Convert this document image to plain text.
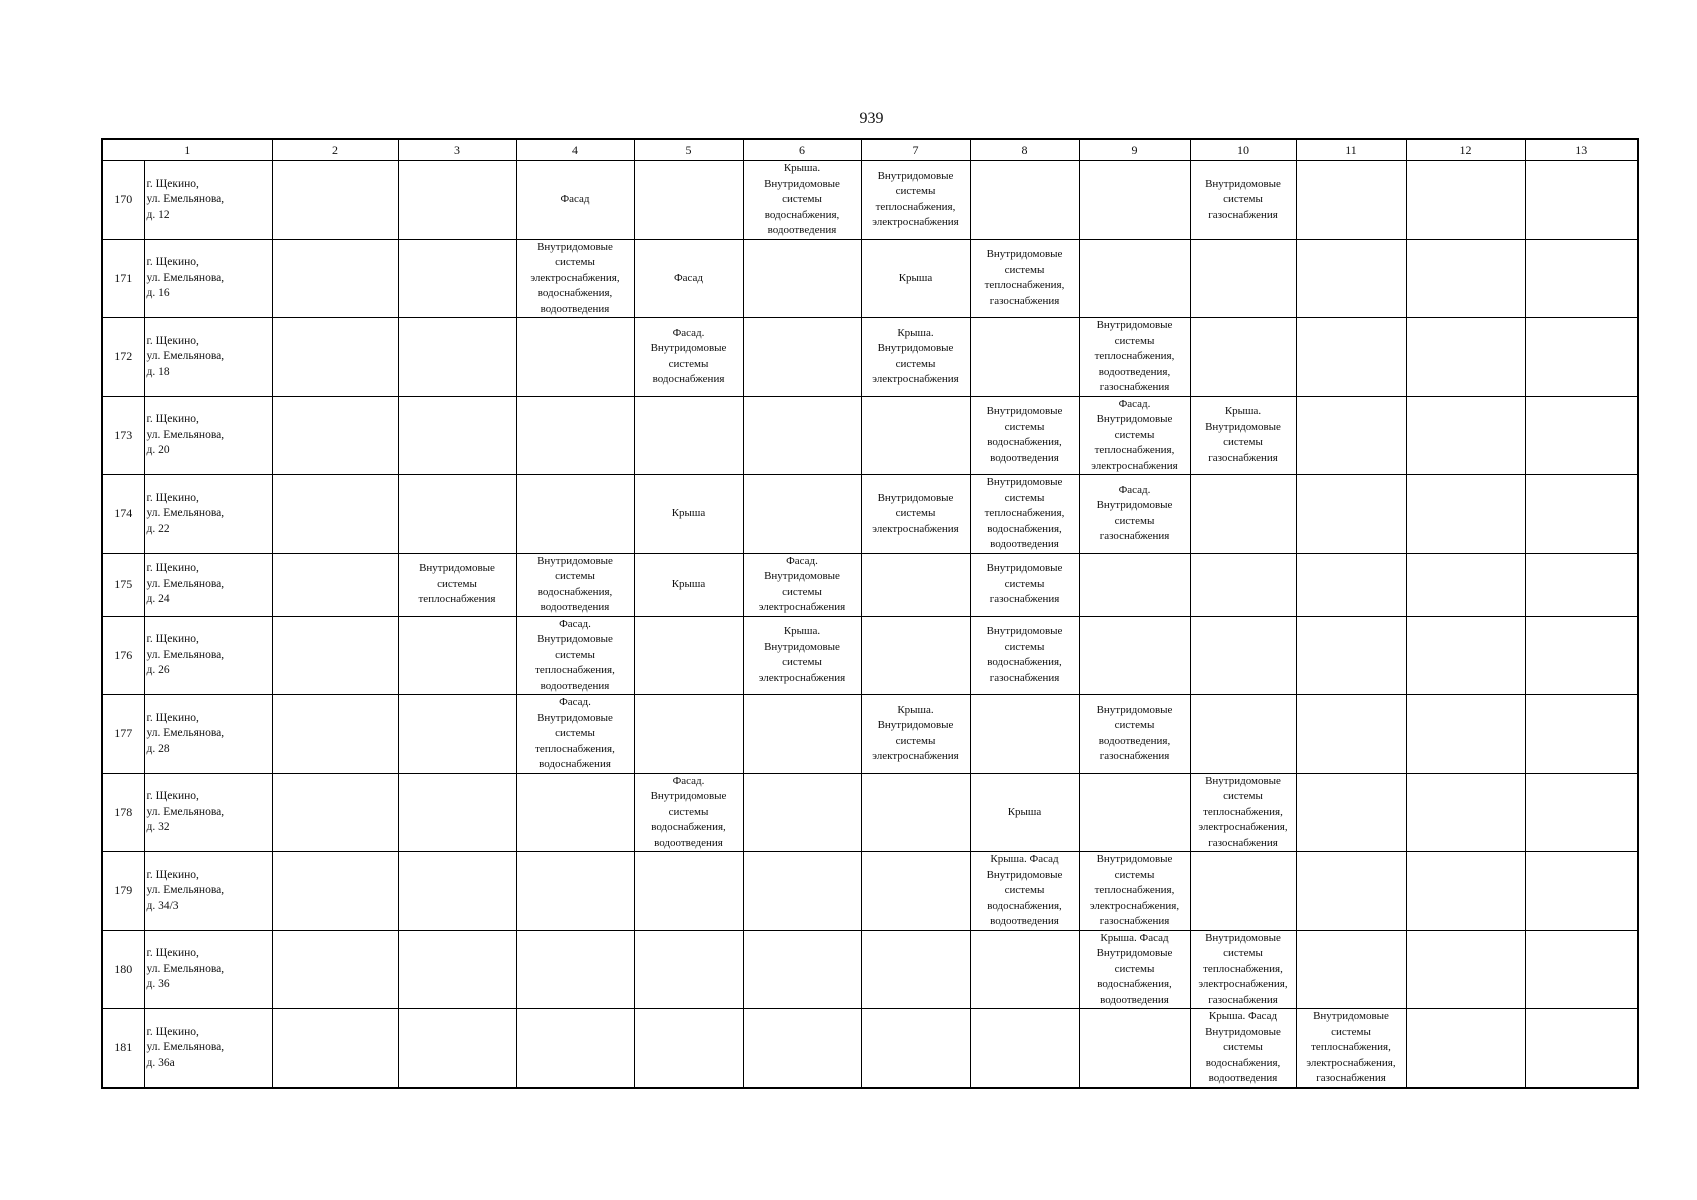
939
1		2	3	4	5	6	7	8	9	10	11	12	13
170	г. Щекино,
ул. Емельянова,
д. 12			Фасад		Крыша.
Внутридомовые
системы
водоснабжения,
водоотведения	Внутридомовые
системы
теплоснабжения,
электроснабжения			Внутридомовые
системы
газоснабжения			

171	г. Щекино,
ул. Емельянова,
д. 16			Внутридомовые
системы
электроснабжения,
водоснабжения,
водоотведения	Фасад		Крыша	Внутридомовые
системы
теплоснабжения,
газоснабжения					

172	г. Щекино,
ул. Емельянова,
д. 18				Фасад.
Внутридомовые
системы
водоснабжения		Крыша.
Внутридомовые
системы
электроснабжения		Внутридомовые
системы
теплоснабжения,
водоотведения,
газоснабжения				

173	г. Щекино,
ул. Емельянова,
д. 20							Внутридомовые
системы
водоснабжения,
водоотведения	Фасад.
Внутридомовые
системы
теплоснабжения,
электроснабжения	Крыша.
Внутридомовые
системы
газоснабжения			

174	г. Щекино,
ул. Емельянова,
д. 22				Крыша		Внутридомовые
системы
электроснабжения	Внутридомовые
системы
теплоснабжения,
водоснабжения,
водоотведения	Фасад.
Внутридомовые
системы
газоснабжения				

175	г. Щекино,
ул. Емельянова,
д. 24		Внутридомовые
системы
теплоснабжения	Внутридомовые
системы
водоснабжения,
водоотведения	Крыша	Фасад.
Внутридомовые
системы
электроснабжения		Внутридомовые
системы
газоснабжения					

176	г. Щекино,
ул. Емельянова,
д. 26			Фасад.
Внутридомовые
системы
теплоснабжения,
водоотведения		Крыша.
Внутридомовые
системы
электроснабжения		Внутридомовые
системы
водоснабжения,
газоснабжения					

177	г. Щекино,
ул. Емельянова,
д. 28			Фасад.
Внутридомовые
системы
теплоснабжения,
водоснабжения			Крыша.
Внутридомовые
системы
электроснабжения		Внутридомовые
системы
водоотведения,
газоснабжения				

178	г. Щекино,
ул. Емельянова,
д. 32				Фасад.
Внутридомовые
системы
водоснабжения,
водоотведения			Крыша		Внутридомовые
системы
теплоснабжения,
электроснабжения,
газоснабжения			

179	г. Щекино,
ул. Емельянова,
д. 34/3							Крыша. Фасад
Внутридомовые
системы
водоснабжения,
водоотведения	Внутридомовые
системы
теплоснабжения,
электроснабжения,
газоснабжения				

180	г. Щекино,
ул. Емельянова,
д. 36								Крыша. Фасад
Внутридомовые
системы
водоснабжения,
водоотведения	Внутридомовые
системы
теплоснабжения,
электроснабжения,
газоснабжения			

181	г. Щекино,
ул. Емельянова,
д. 36а									Крыша. Фасад
Внутридомовые
системы
водоснабжения,
водоотведения	Внутридомовые
системы
теплоснабжения,
электроснабжения,
газоснабжения		
